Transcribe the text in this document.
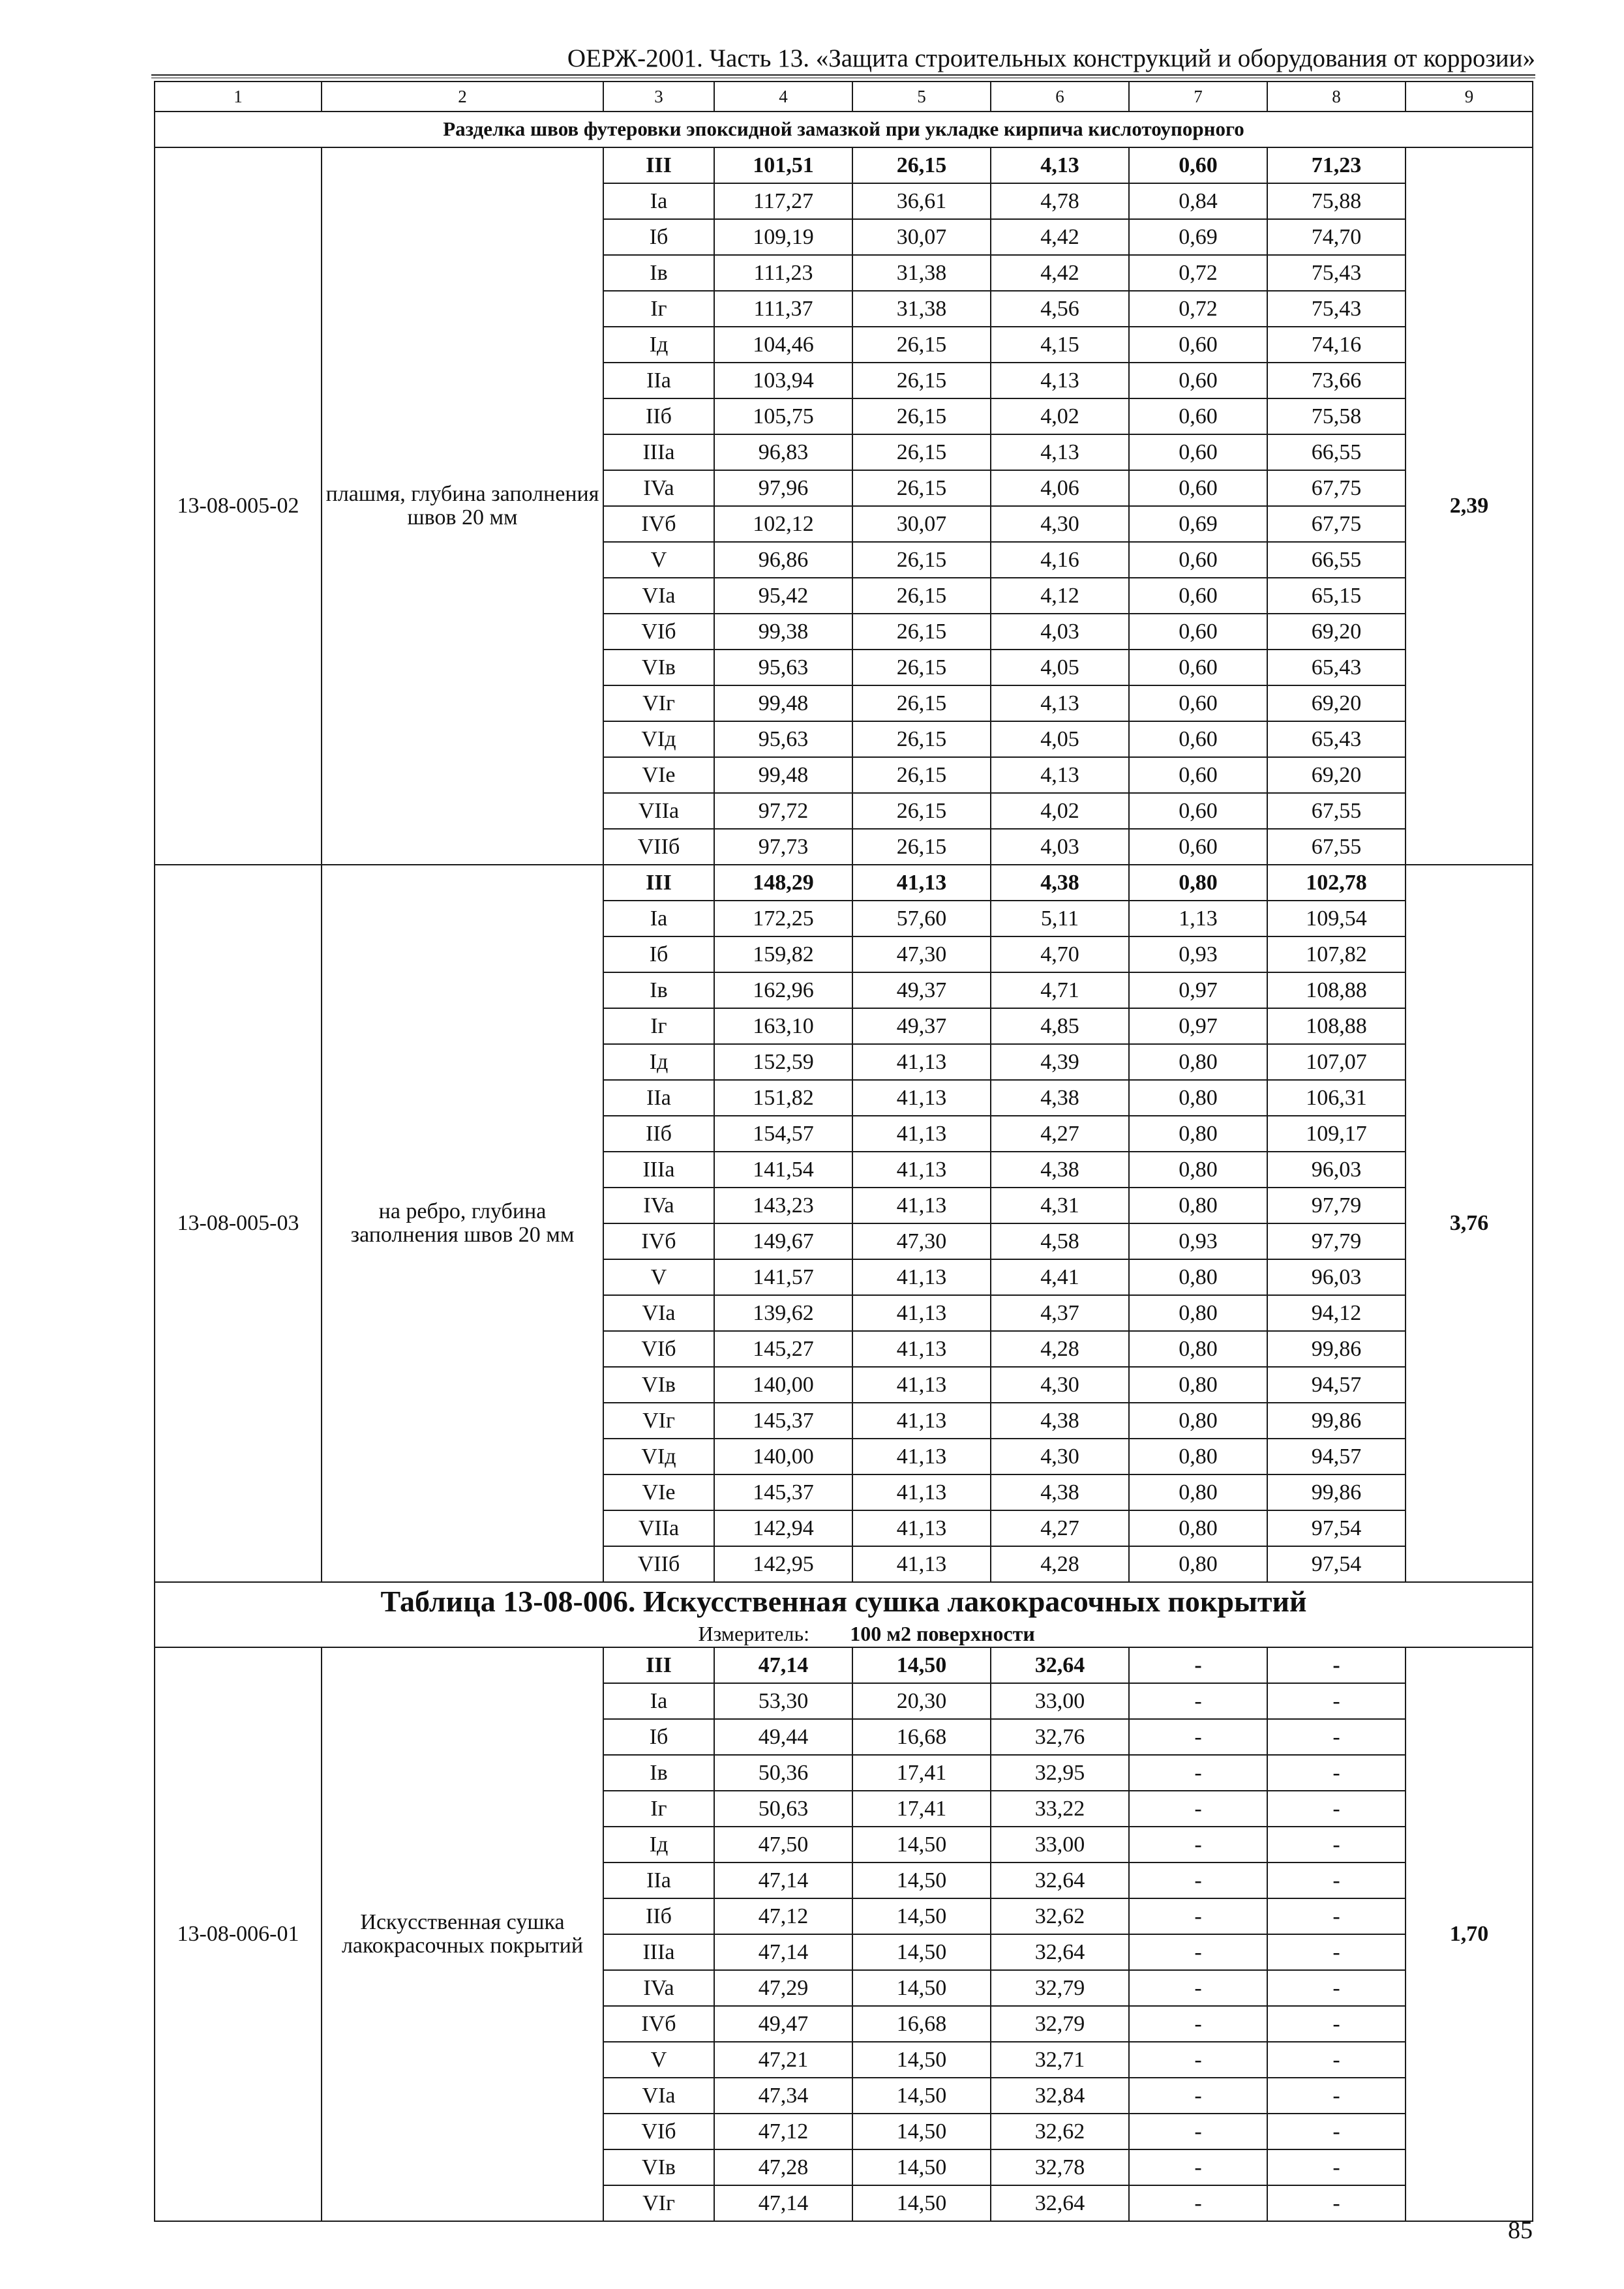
ОЕРЖ-2001. Часть 13. «Защита строительных конструкций и оборудования от коррозии»
1	2	3	4	5	6	7	8	9
Разделка швов футеровки эпоксидной замазкой при укладке кирпича кислотоупорного								
13-08-005-02	плашмя, глубина заполнения швов 20 мм	III	101,51	26,15	4,13	0,60	71,23	2,39
		Ia	117,27	36,61	4,78	0,84	75,88	
		Iб	109,19	30,07	4,42	0,69	74,70	
		Iв	111,23	31,38	4,42	0,72	75,43	
		Iг	111,37	31,38	4,56	0,72	75,43	
		Iд	104,46	26,15	4,15	0,60	74,16	
		IIa	103,94	26,15	4,13	0,60	73,66	
		IIб	105,75	26,15	4,02	0,60	75,58	
		IIIa	96,83	26,15	4,13	0,60	66,55	
		IVa	97,96	26,15	4,06	0,60	67,75	
		IVб	102,12	30,07	4,30	0,69	67,75	
		V	96,86	26,15	4,16	0,60	66,55	
		VIa	95,42	26,15	4,12	0,60	65,15	
		VIб	99,38	26,15	4,03	0,60	69,20	
		VIв	95,63	26,15	4,05	0,60	65,43	
		VIг	99,48	26,15	4,13	0,60	69,20	
		VIд	95,63	26,15	4,05	0,60	65,43	
		VIe	99,48	26,15	4,13	0,60	69,20	
		VIIa	97,72	26,15	4,02	0,60	67,55	
		VIIб	97,73	26,15	4,03	0,60	67,55	
13-08-005-03	на ребро, глубина заполнения швов 20 мм	III	148,29	41,13	4,38	0,80	102,78	3,76
		Ia	172,25	57,60	5,11	1,13	109,54	
		Iб	159,82	47,30	4,70	0,93	107,82	
		Iв	162,96	49,37	4,71	0,97	108,88	
		Iг	163,10	49,37	4,85	0,97	108,88	
		Iд	152,59	41,13	4,39	0,80	107,07	
		IIa	151,82	41,13	4,38	0,80	106,31	
		IIб	154,57	41,13	4,27	0,80	109,17	
		IIIa	141,54	41,13	4,38	0,80	96,03	
		IVa	143,23	41,13	4,31	0,80	97,79	
		IVб	149,67	47,30	4,58	0,93	97,79	
		V	141,57	41,13	4,41	0,80	96,03	
		VIa	139,62	41,13	4,37	0,80	94,12	
		VIб	145,27	41,13	4,28	0,80	99,86	
		VIв	140,00	41,13	4,30	0,80	94,57	
		VIг	145,37	41,13	4,38	0,80	99,86	
		VIд	140,00	41,13	4,30	0,80	94,57	
		VIe	145,37	41,13	4,38	0,80	99,86	
		VIIa	142,94	41,13	4,27	0,80	97,54	
		VIIб	142,95	41,13	4,28	0,80	97,54	

Таблица 13-08-006. Искусственная сушка лакокрасочных покрытий
Измеритель: 100 м2 поверхности								

13-08-006-01	Искусственная сушка лакокрасочных покрытий	III	47,14	14,50	32,64	-	-	1,70
		Ia	53,30	20,30	33,00	-	-	
		Iб	49,44	16,68	32,76	-	-	
		Iв	50,36	17,41	32,95	-	-	
		Iг	50,63	17,41	33,22	-	-	
		Iд	47,50	14,50	33,00	-	-	
		IIa	47,14	14,50	32,64	-	-	
		IIб	47,12	14,50	32,62	-	-	
		IIIa	47,14	14,50	32,64	-	-	
		IVa	47,29	14,50	32,79	-	-	
		IVб	49,47	16,68	32,79	-	-	
		V	47,21	14,50	32,71	-	-	
		VIa	47,34	14,50	32,84	-	-	
		VIб	47,12	14,50	32,62	-	-	
		VIв	47,28	14,50	32,78	-	-	
		VIг	47,14	14,50	32,64	-	-	
85
